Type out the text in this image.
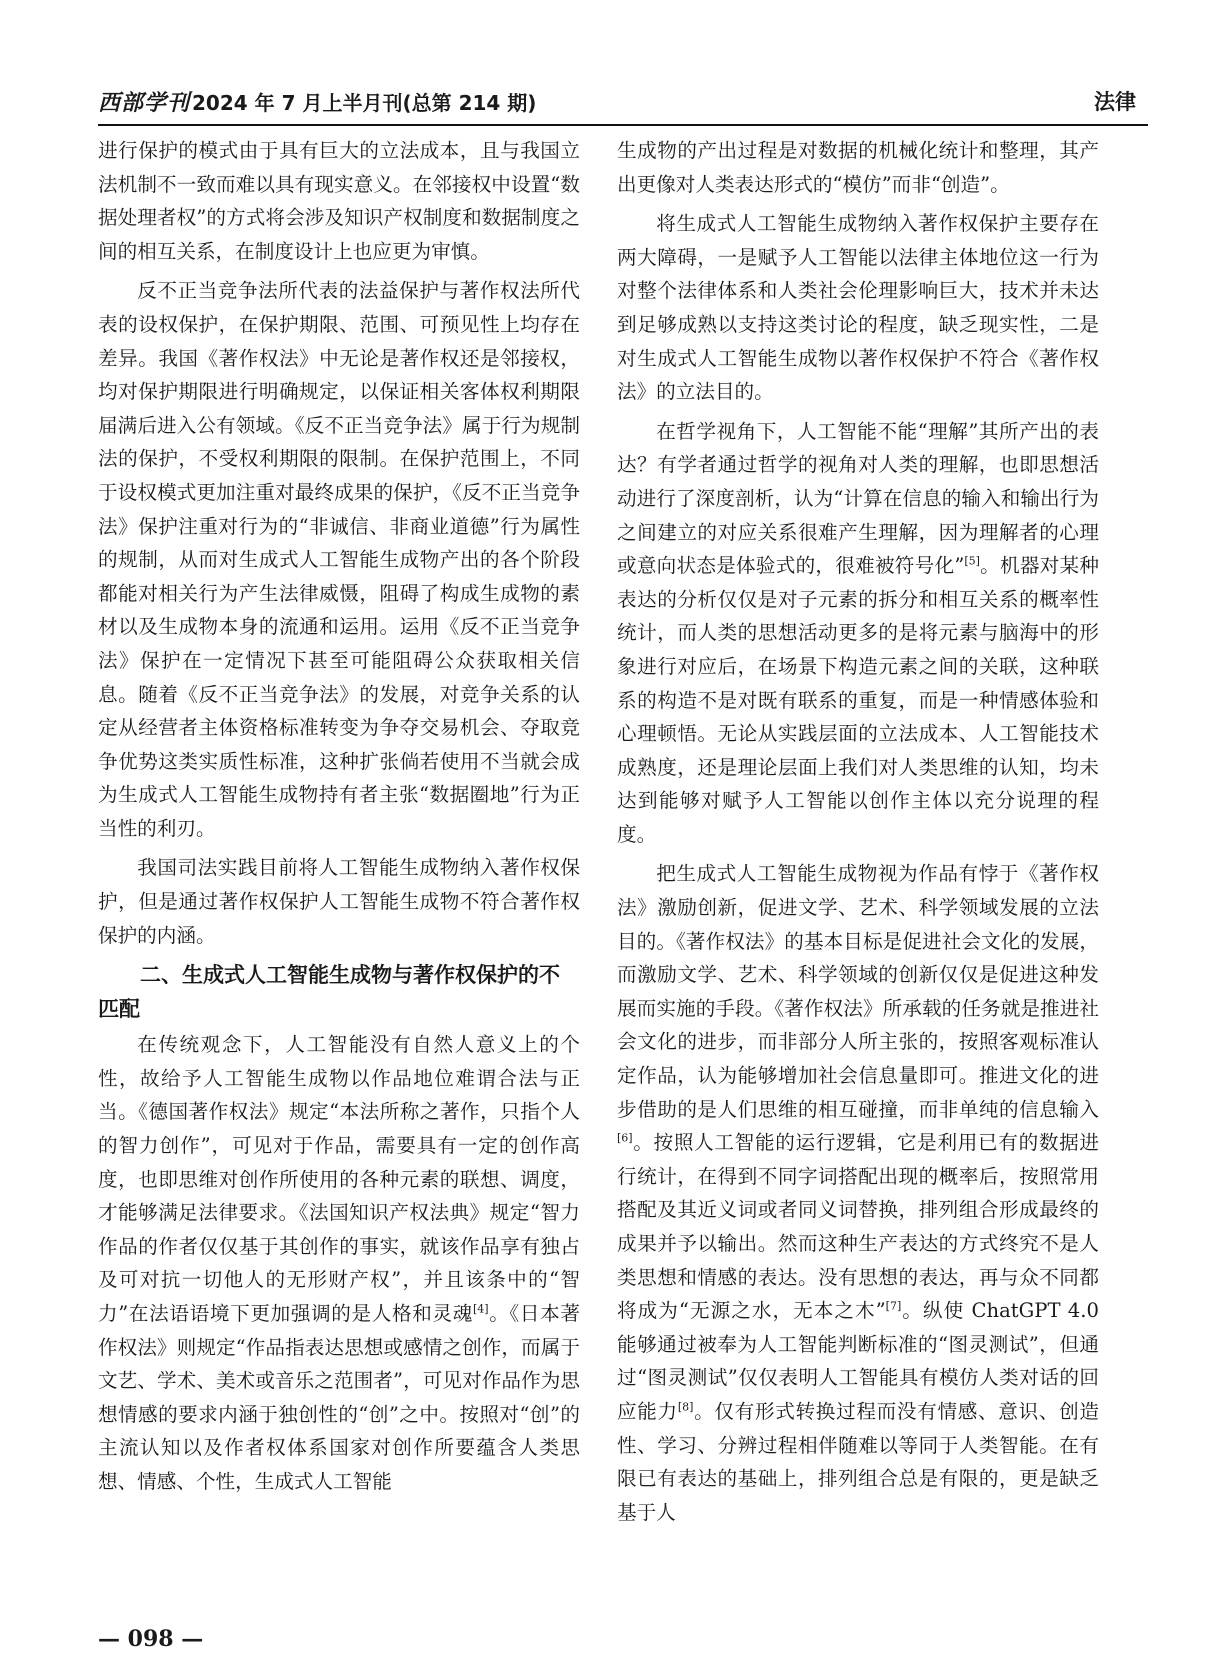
西部学刊 2024 年 7 月上半月刊(总第 214 期)	法律

进行保护的模式由于具有巨大的立法成本，且与我国立法机制不一致而难以具有现实意义。在邻接权中设置“数据处理者权”的方式将会涉及知识产权制度和数据制度之间的相互关系，在制度设计上也应更为审慎。

反不正当竞争法所代表的法益保护与著作权法所代表的设权保护，在保护期限、范围、可预见性上均存在差异。我国《著作权法》中无论是著作权还是邻接权，均对保护期限进行明确规定，以保证相关客体权利期限届满后进入公有领域。《反不正当竞争法》属于行为规制法的保护，不受权利期限的限制。在保护范围上，不同于设权模式更加注重对最终成果的保护，《反不正当竞争法》保护注重对行为的“非诚信、非商业道德”行为属性的规制，从而对生成式人工智能生成物产出的各个阶段都能对相关行为产生法律威慑，阻碍了构成生成物的素材以及生成物本身的流通和运用。运用《反不正当竞争法》保护在一定情况下甚至可能阻碍公众获取相关信息。随着《反不正当竞争法》的发展，对竞争关系的认定从经营者主体资格标准转变为争夺交易机会、夺取竞争优势这类实质性标准，这种扩张倘若使用不当就会成为生成式人工智能生成物持有者主张“数据圈地”行为正当性的利刃。

我国司法实践目前将人工智能生成物纳入著作权保护，但是通过著作权保护人工智能生成物不符合著作权保护的内涵。

二、生成式人工智能生成物与著作权保护的不匹配

在传统观念下，人工智能没有自然人意义上的个性，故给予人工智能生成物以作品地位难谓合法与正当。《德国著作权法》规定“本法所称之著作，只指个人的智力创作”，可见对于作品，需要具有一定的创作高度，也即思维对创作所使用的各种元素的联想、调度，才能够满足法律要求。《法国知识产权法典》规定“智力作品的作者仅仅基于其创作的事实，就该作品享有独占及可对抗一切他人的无形财产权”，并且该条中的“智力”在法语语境下更加强调的是人格和灵魂[4]。《日本著作权法》则规定“作品指表达思想或感情之创作，而属于文艺、学术、美术或音乐之范围者”，可见对作品作为思想情感的要求内涵于独创性的“创”之中。按照对“创”的主流认知以及作者权体系国家对创作所要蕴含人类思想、情感、个性，生成式人工智能

生成物的产出过程是对数据的机械化统计和整理，其产出更像对人类表达形式的“模仿”而非“创造”。

将生成式人工智能生成物纳入著作权保护主要存在两大障碍，一是赋予人工智能以法律主体地位这一行为对整个法律体系和人类社会伦理影响巨大，技术并未达到足够成熟以支持这类讨论的程度，缺乏现实性，二是对生成式人工智能生成物以著作权保护不符合《著作权法》的立法目的。

在哲学视角下，人工智能不能“理解”其所产出的表达？有学者通过哲学的视角对人类的理解，也即思想活动进行了深度剖析，认为“计算在信息的输入和输出行为之间建立的对应关系很难产生理解，因为理解者的心理或意向状态是体验式的，很难被符号化”[5]。机器对某种表达的分析仅仅是对子元素的拆分和相互关系的概率性统计，而人类的思想活动更多的是将元素与脑海中的形象进行对应后，在场景下构造元素之间的关联，这种联系的构造不是对既有联系的重复，而是一种情感体验和心理顿悟。无论从实践层面的立法成本、人工智能技术成熟度，还是理论层面上我们对人类思维的认知，均未达到能够对赋予人工智能以创作主体以充分说理的程度。

把生成式人工智能生成物视为作品有悖于《著作权法》激励创新，促进文学、艺术、科学领域发展的立法目的。《著作权法》的基本目标是促进社会文化的发展，而激励文学、艺术、科学领域的创新仅仅是促进这种发展而实施的手段。《著作权法》所承载的任务就是推进社会文化的进步，而非部分人所主张的，按照客观标准认定作品，认为能够增加社会信息量即可。推进文化的进步借助的是人们思维的相互碰撞，而非单纯的信息输入[6]。按照人工智能的运行逻辑，它是利用已有的数据进行统计，在得到不同字词搭配出现的概率后，按照常用搭配及其近义词或者同义词替换，排列组合形成最终的成果并予以输出。然而这种生产表达的方式终究不是人类思想和情感的表达。没有思想的表达，再与众不同都将成为“无源之水，无本之木”[7]。纵使 ChatGPT 4.0 能够通过被奉为人工智能判断标准的“图灵测试”，但通过“图灵测试”仅仅表明人工智能具有模仿人类对话的回应能力[8]。仅有形式转换过程而没有情感、意识、创造性、学习、分辨过程相伴随难以等同于人类智能。在有限已有表达的基础上，排列组合总是有限的，更是缺乏基于人

— 098 —
